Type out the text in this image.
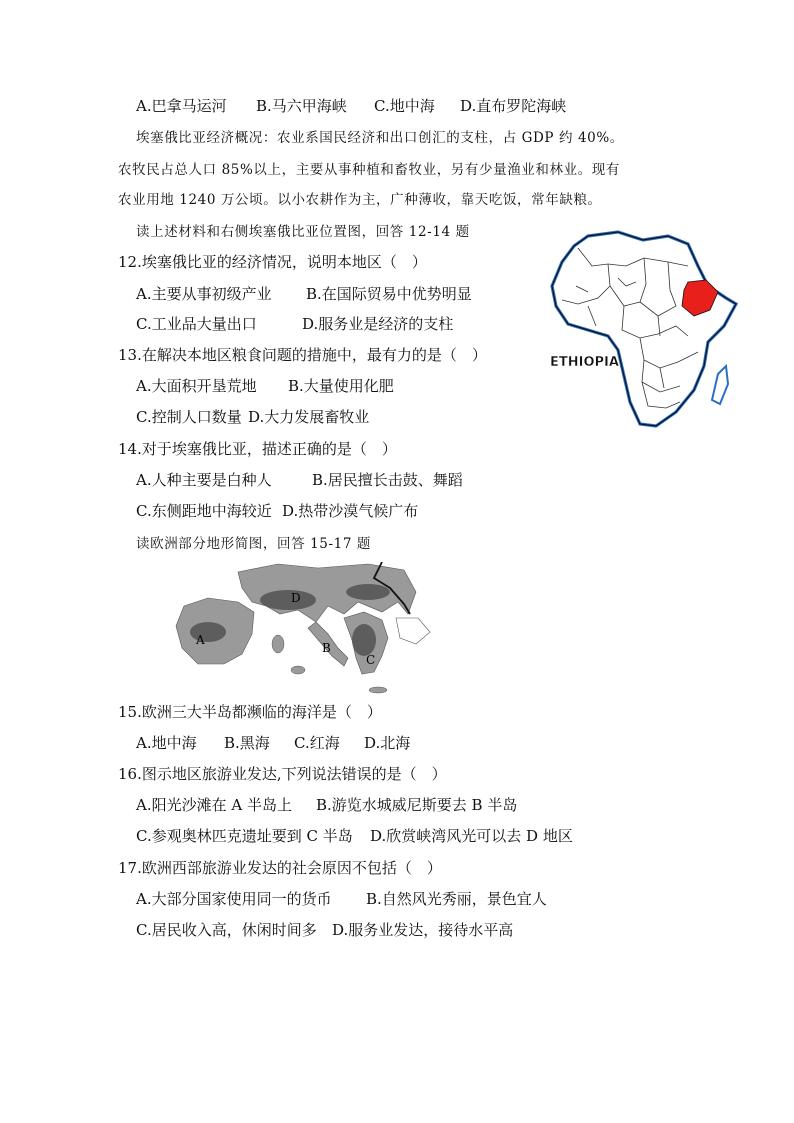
A.巴拿马运河 B.马六甲海峡 C.地中海 D.直布罗陀海峡
埃塞俄比亚经济概况：农业系国民经济和出口创汇的支柱，占 GDP 约 40%。
农牧民占总人口 85%以上，主要从事种植和畜牧业，另有少量渔业和林业。现有
农业用地 1240 万公顷。以小农耕作为主，广种薄收，靠天吃饭，常年缺粮。
读上述材料和右侧埃塞俄比亚位置图，回答 12-14 题
12.埃塞俄比亚的经济情况，说明本地区（　）
A.主要从事初级产业 B.在国际贸易中优势明显
C.工业品大量出口	D.服务业是经济的支柱
13.在解决本地区粮食问题的措施中，最有力的是（　）
A.大面积开垦荒地 B.大量使用化肥
C.控制人口数量 D.大力发展畜牧业
14.对于埃塞俄比亚，描述正确的是（　）
A.人种主要是白种人	B.居民擅长击鼓、舞蹈
C.东侧距地中海较近 D.热带沙漠气候广布
读欧洲部分地形简图，回答 15-17 题
ETHIOPIA
A
B
C
D
15.欧洲三大半岛都濒临的海洋是（　）
A.地中海 B.黑海 C.红海 D.北海
16.图示地区旅游业发达,下列说法错误的是（　）
A.阳光沙滩在 A 半岛上 B.游览水城威尼斯要去 B 半岛
C.参观奥林匹克遗址要到 C 半岛 D.欣赏峡湾风光可以去 D 地区
17.欧洲西部旅游业发达的社会原因不包括（　）
A.大部分国家使用同一的货币 B.自然风光秀丽，景色宜人
C.居民收入高，休闲时间多 D.服务业发达，接待水平高
